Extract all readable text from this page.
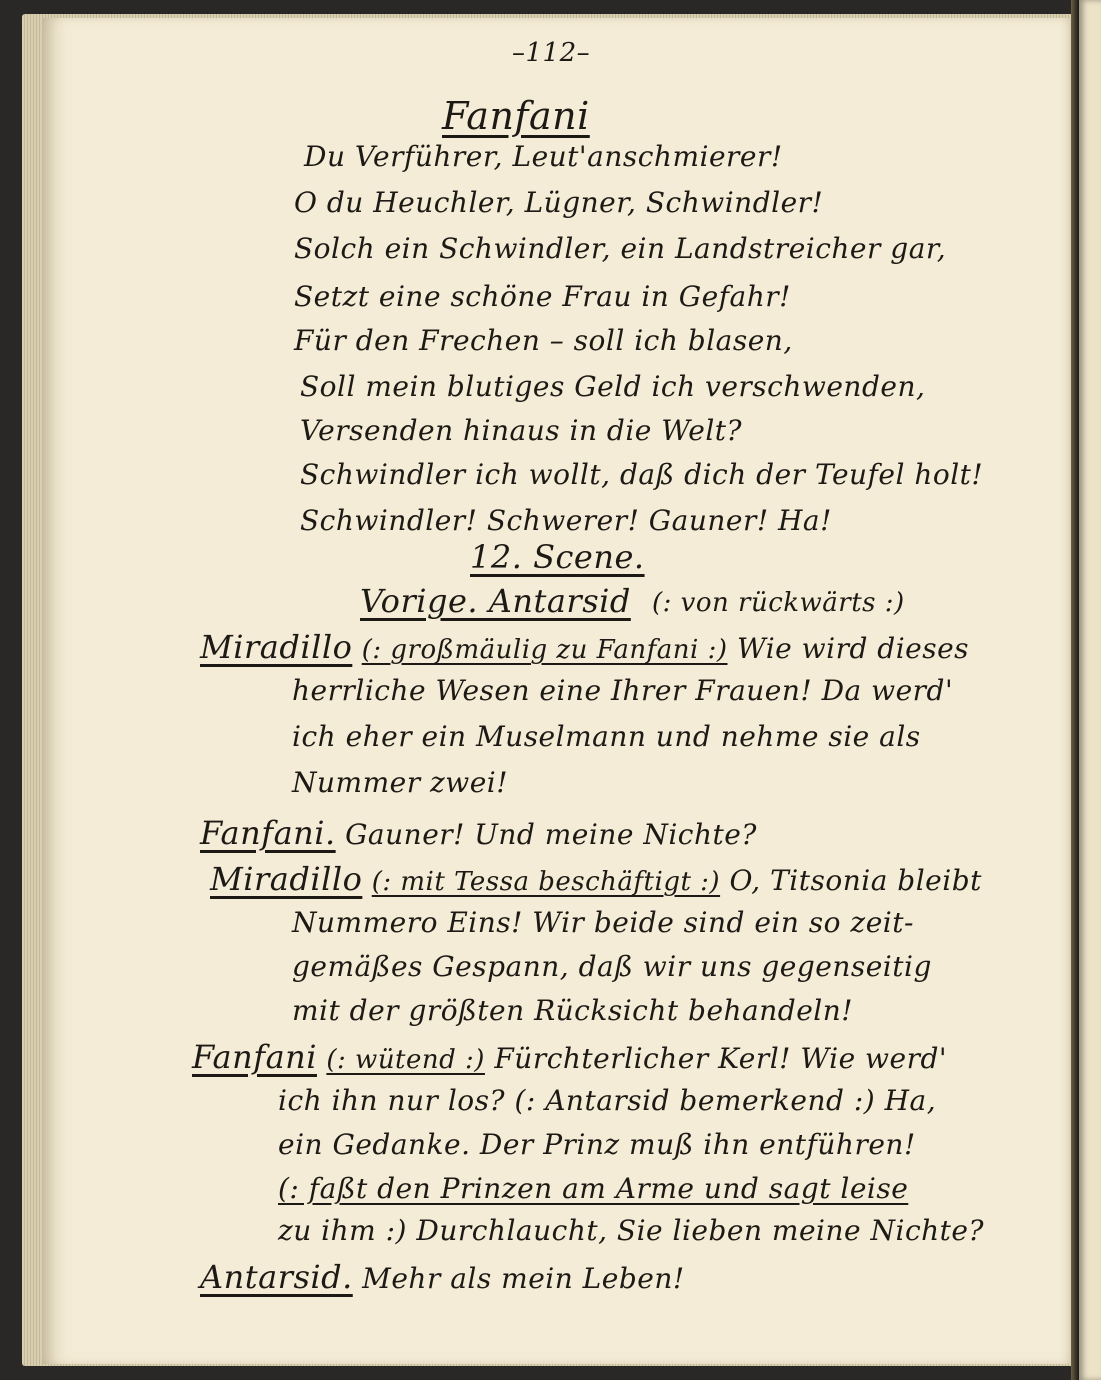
–112–
Fanfani
Du Verführer, Leut'anschmierer!
O du Heuchler, Lügner, Schwindler!
Solch ein Schwindler, ein Landstreicher gar,
Setzt eine schöne Frau in Gefahr!
Für den Frechen – soll ich blasen,
Soll mein blutiges Geld ich verschwenden,
Versenden hinaus in die Welt?
Schwindler ich wollt, daß dich der Teufel holt!
Schwindler! Schwerer! Gauner! Ha!
12. Scene.
Vorige. Antarsid (: von rückwärts :)
Miradillo (: großmäulig zu Fanfani :) Wie wird dieses
herrliche Wesen eine Ihrer Frauen! Da werd'
ich eher ein Muselmann und nehme sie als
Nummer zwei!
Fanfani. Gauner! Und meine Nichte?
Miradillo (: mit Tessa beschäftigt :) O, Titsonia bleibt
Nummero Eins! Wir beide sind ein so zeit-
gemäßes Gespann, daß wir uns gegenseitig
mit der größten Rücksicht behandeln!
Fanfani (: wütend :) Fürchterlicher Kerl! Wie werd'
ich ihn nur los? (: Antarsid bemerkend :) Ha,
ein Gedanke. Der Prinz muß ihn entführen!
(: faßt den Prinzen am Arme und sagt leise
zu ihm :) Durchlaucht, Sie lieben meine Nichte?
Antarsid. Mehr als mein Leben!
